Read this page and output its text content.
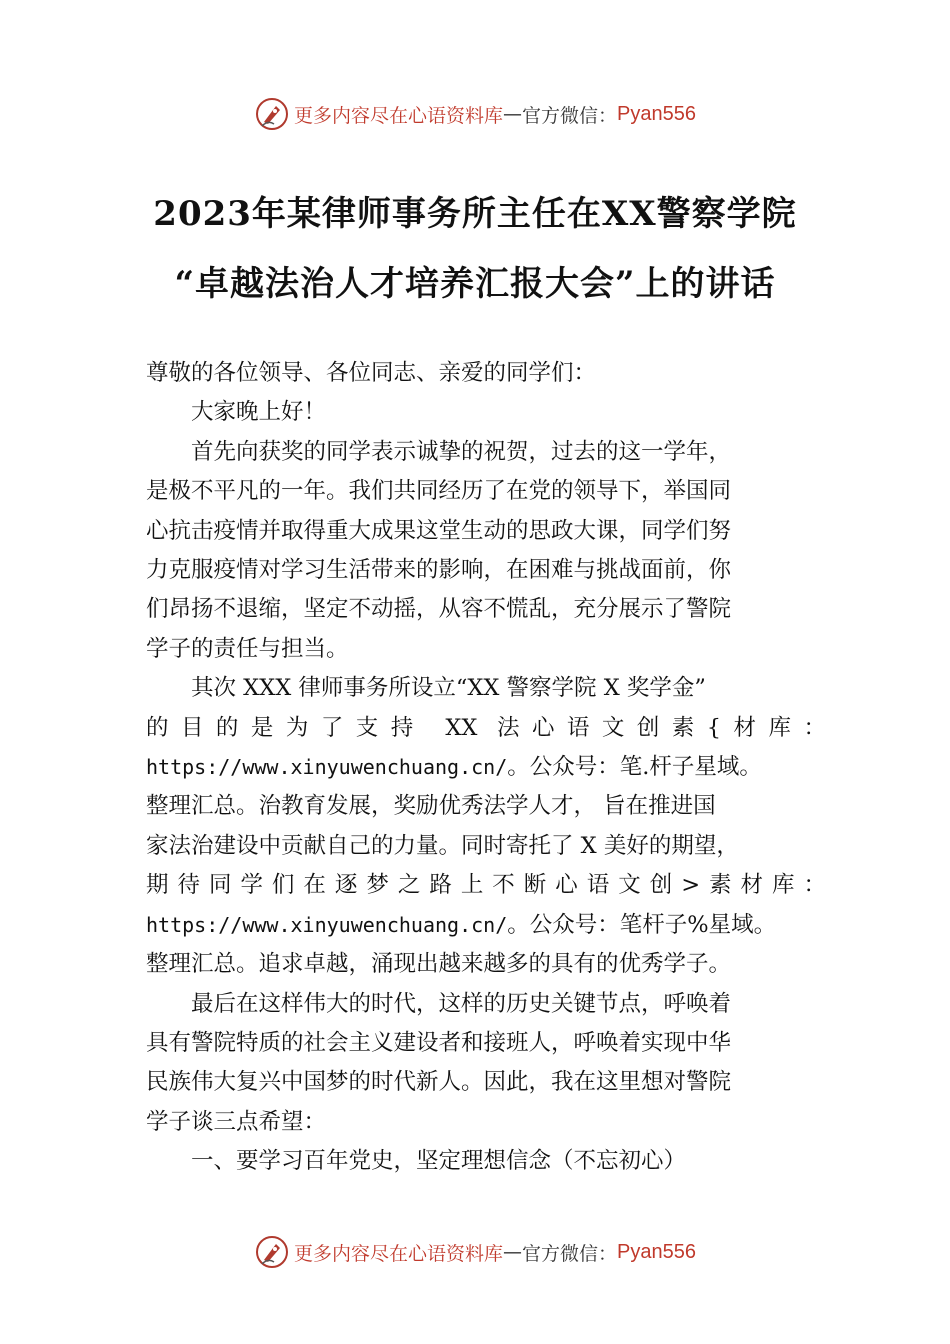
更多内容尽在心语资料库 — 官方微信： Pyan556
2023年某律师事务所主任在XX警察学院
“卓越法治人才培养汇报大会”上的讲话

尊敬的各位领导、各位同志、亲爱的同学们：

大家晚上好！

首先向获奖的同学表示诚挚的祝贺，过去的这一学年，

是极不平凡的一年。我们共同经历了在党的领导下，举国同

心抗击疫情并取得重大成果这堂生动的思政大课，同学们努

力克服疫情对学习生活带来的影响，在困难与挑战面前，你

们昂扬不退缩，坚定不动摇，从容不慌乱，充分展示了警院

学子的责任与担当。

其次 XXX 律师事务所设立“XX 警察学院 X 奖学金”

的目的是为了支持 XX 法心语文创素{材库：

https://www.xinyuwenchuang.cn/。公众号：笔.杆子星域。

整理汇总。治教育发展，奖励优秀法学人才， 旨在推进国

家法治建设中贡献自己的力量。同时寄托了 X 美好的期望，

期待同学们在逐梦之路上不断心语文创>素材库：

https://www.xinyuwenchuang.cn/。公众号：笔杆子%星域。

整理汇总。追求卓越，涌现出越来越多的具有的优秀学子。

最后在这样伟大的时代，这样的历史关键节点，呼唤着

具有警院特质的社会主义建设者和接班人，呼唤着实现中华

民族伟大复兴中国梦的时代新人。因此，我在这里想对警院

学子谈三点希望：

一、要学习百年党史，坚定理想信念（不忘初心）

更多内容尽在心语资料库 — 官方微信： Pyan556
